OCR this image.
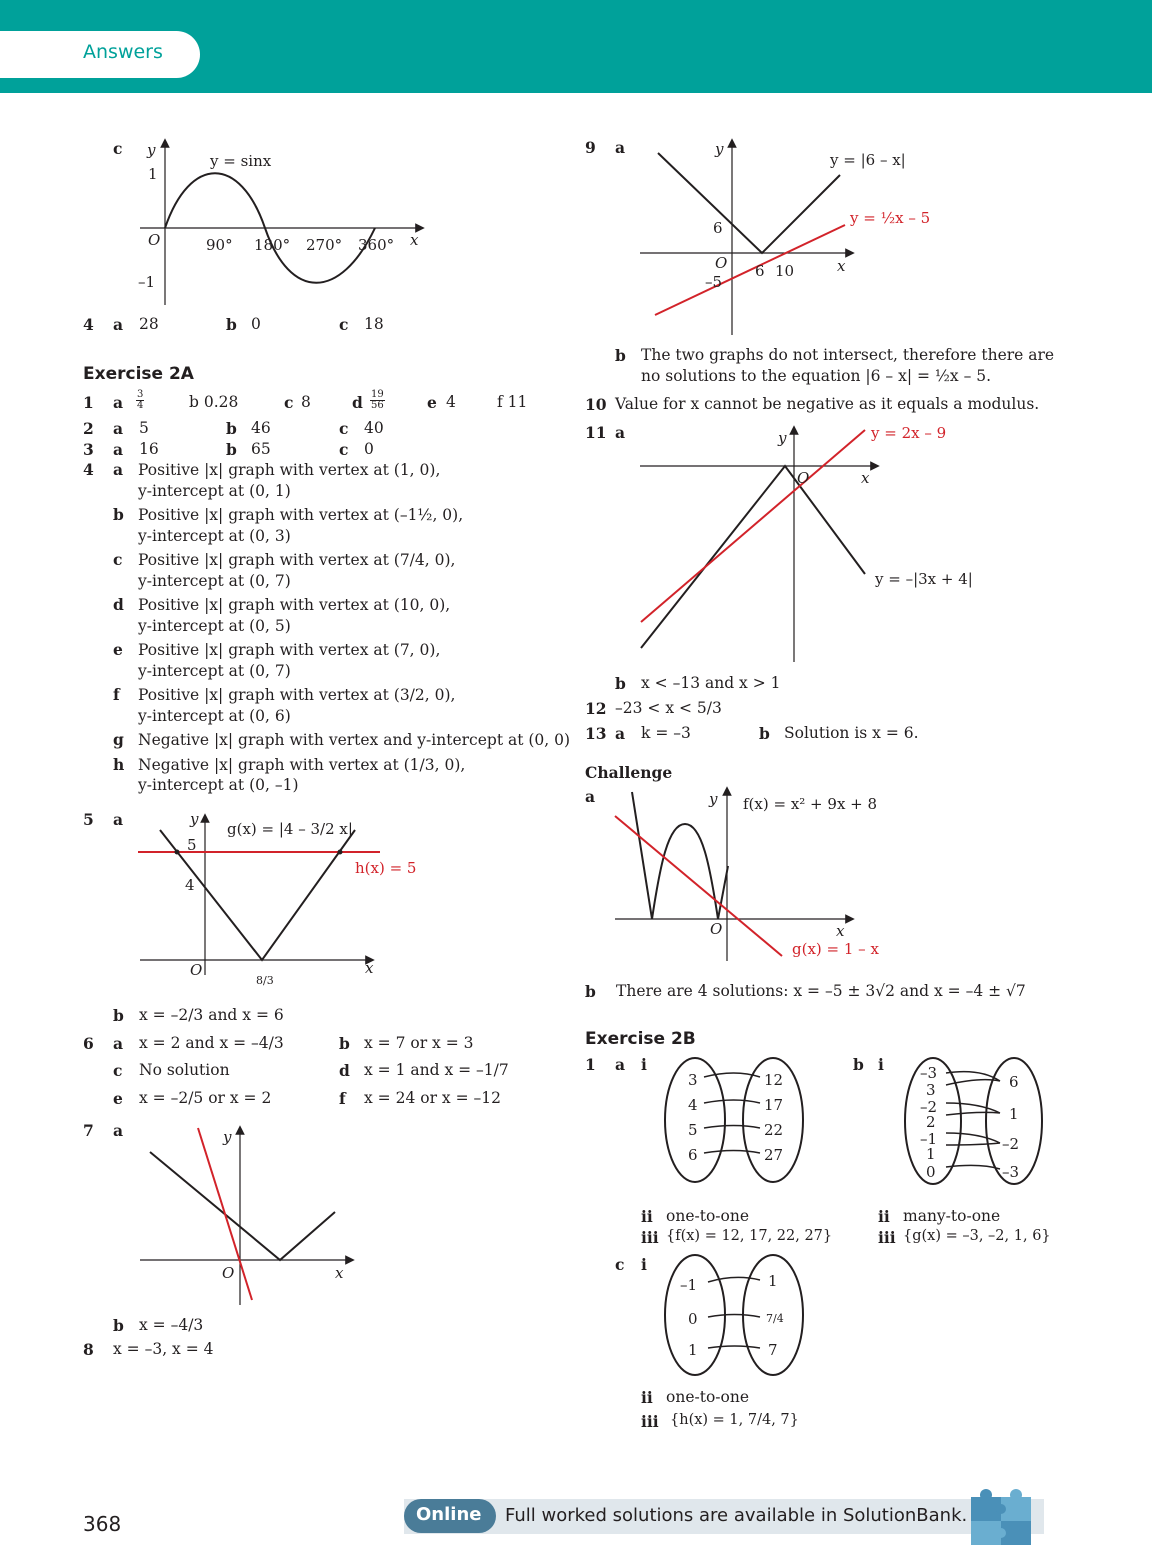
Answers
c y
x
y = sinx
1
–1
O	90° 180° 270° 360°
4 a 28	b 0	c 18
Exercise 2A
1 a $\frac{3}{4}$	b 0.28	c 8	d $\frac{19}{56}$	e 4	f 11
2 a 5	b 46	c 40
3 a 16	b 65	c 0
4 a Positive |x| graph with vertex at (1, 0),
y-intercept at (0, 1)
b Positive |x| graph with vertex at (–1½, 0),
y-intercept at (0, 3)
c Positive |x| graph with vertex at (7/4, 0),
y-intercept at (0, 7)
d Positive |x| graph with vertex at (10, 0),
y-intercept at (0, 5)
e Positive |x| graph with vertex at (7, 0),
y-intercept at (0, 7)
f Positive |x| graph with vertex at (3/2, 0),
y-intercept at (0, 6)
g Negative |x| graph with vertex and y-intercept at (0, 0)
h Negative |x| graph with vertex at (1/3, 0),
y-intercept at (0, –1)
5 a	y
x
O
5
4
g(x) = |4 – 3/2 x|
h(x) = 5
8/3
b x = –2/3 and x = 6
6 a x = 2 and x = –4/3	b x = 7 or x = 3
c No solution	d x = 1 and x = –1/7
e x = –2/5 or x = 2	f x = 24 or x = –12
7 a	y
x
O
b x = –4/3
8 x = –3, x = 4
9 a	y
x
O
y = |6 – x|
y = ½x – 5
6
–5
6 10
b The two graphs do not intersect, therefore there are
no solutions to the equation |6 – x| = ½x – 5.
10 Value for x cannot be negative as it equals a modulus.
11 a	y
x
O
y = 2x – 9
y = –|3x + 4|
b x < –13 and x > 1
12 –23 < x < 5/3
13 a k = –3	b Solution is x = 6.
Challenge
a	y
x
O
f(x) = x² + 9x + 8
g(x) = 1 – x
b There are 4 solutions: x = –5 ± 3√2 and x = –4 ± √7
Exercise 2B
1 a i
3
4
5
6
12
17
22
27
ii one-to-one
iii {f(x) = 12, 17, 22, 27}
b i –3
3
–2
2
–1
1
0
6
1
–2
–3
ii many-to-one
iii {g(x) = –3, –2, 1, 6}
c i
–1
0
1
1
7/4
7
ii one-to-one
iii {h(x) = 1, 7/4, 7}
368	Online Full worked solutions are available in SolutionBank.
